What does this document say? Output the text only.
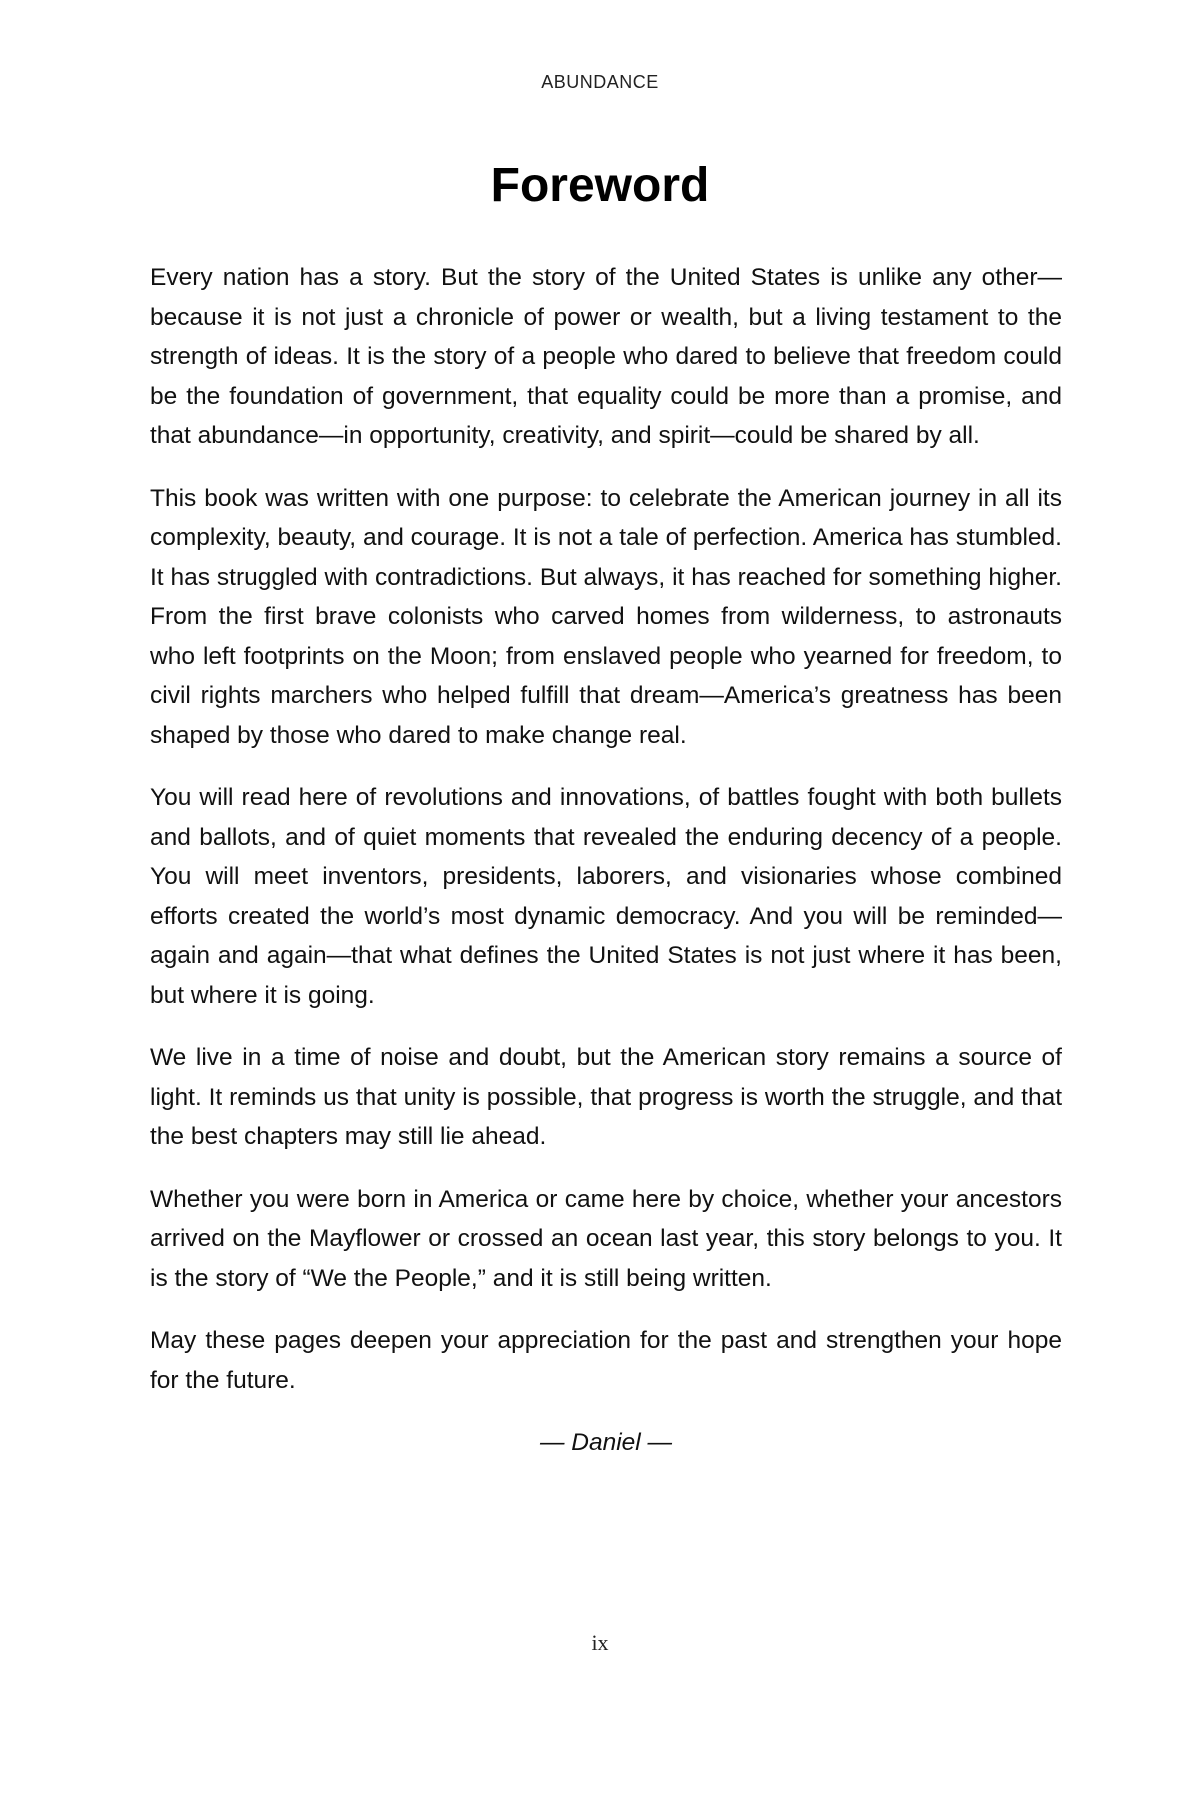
ABUNDANCE
Foreword

Every nation has a story. But the story of the United States is unlike any other—because it is not just a chronicle of power or wealth, but a living testament to the strength of ideas. It is the story of a people who dared to believe that freedom could be the foundation of government, that equality could be more than a promise, and that abundance—in opportunity, creativity, and spirit—could be shared by all.

This book was written with one purpose: to celebrate the American journey in all its complexity, beauty, and courage. It is not a tale of perfection. America has stumbled. It has struggled with contradictions. But always, it has reached for something higher. From the first brave colonists who carved homes from wilderness, to astronauts who left footprints on the Moon; from enslaved people who yearned for freedom, to civil rights marchers who helped fulfill that dream—America’s greatness has been shaped by those who dared to make change real.

You will read here of revolutions and innovations, of battles fought with both bullets and ballots, and of quiet moments that revealed the enduring decency of a people. You will meet inventors, presidents, laborers, and visionaries whose combined efforts created the world’s most dynamic democracy. And you will be reminded—again and again—that what defines the United States is not just where it has been, but where it is going.

We live in a time of noise and doubt, but the American story remains a source of light. It reminds us that unity is possible, that progress is worth the struggle, and that the best chapters may still lie ahead.

Whether you were born in America or came here by choice, whether your ancestors arrived on the Mayflower or crossed an ocean last year, this story belongs to you. It is the story of “We the People,” and it is still being written.

May these pages deepen your appreciation for the past and strengthen your hope for the future.

— Daniel —

ix
